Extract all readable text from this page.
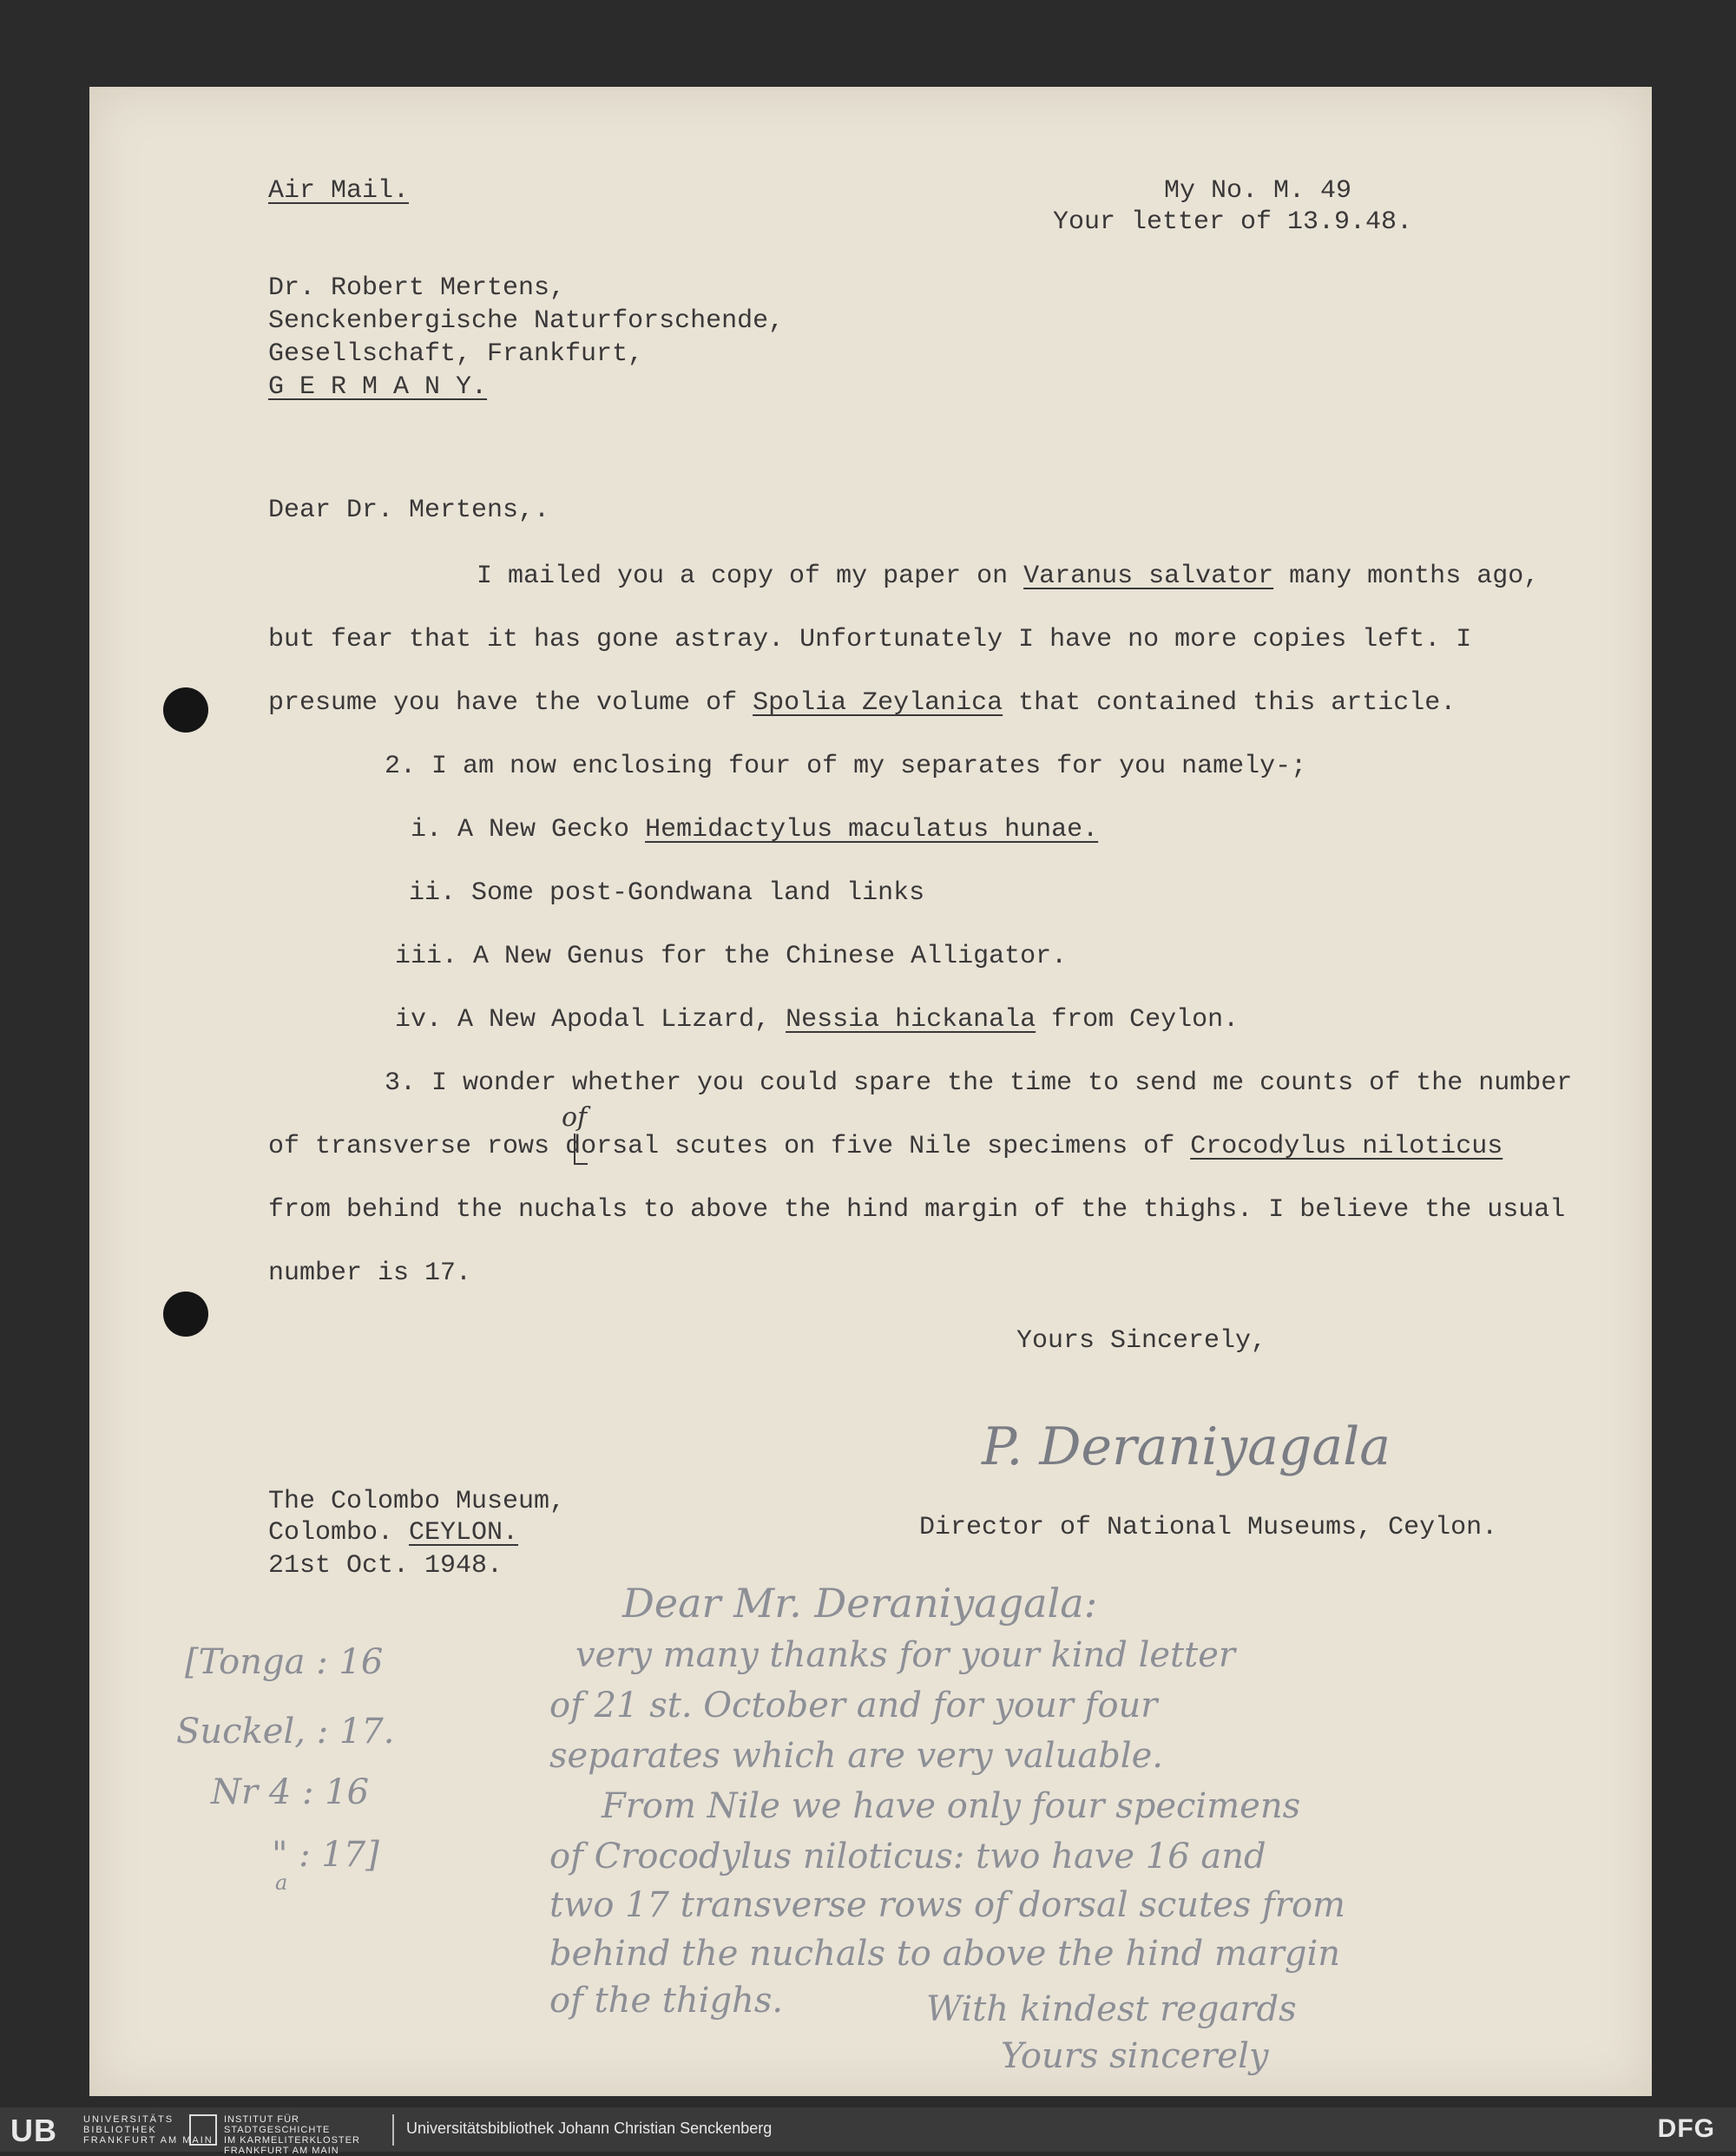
Air Mail.	My No. M. 49

Your letter of 13.9.48.

Dr. Robert Mertens,

Senckenbergische Naturforschende,

Gesellschaft, Frankfurt,

G E R M A N Y.

Dear Dr. Mertens,.

I mailed you a copy of my paper on Varanus salvator many months ago,

but fear that it has gone astray. Unfortunately I have no more copies left. I

presume you have the volume of Spolia Zeylanica that contained this article.

2. I am now enclosing four of my separates for you namely-;

i. A New Gecko Hemidactylus maculatus hunae.

ii. Some post-Gondwana land links

iii. A New Genus for the Chinese Alligator.

iv. A New Apodal Lizard, Nessia hickanala from Ceylon.

3. I wonder whether you could spare the time to send me counts of the number

of

of transverse rows dorsal scutes on five Nile specimens of Crocodylus niloticus

from behind the nuchals to above the hind margin of the thighs. I believe the usual

number is 17.

Yours Sincerely,

P. Deraniyagala

Director of National Museums, Ceylon.

The Colombo Museum,

Colombo. CEYLON.

21st Oct. 1948.

[Tonga : 16

Suckel, : 17.

Nr 4 : 16

" : 17]

a

Dear Mr. Deraniyagala:

very many thanks for your kind letter

of 21 st. October and for your four

separates which are very valuable.

From Nile we have only four specimens

of Crocodylus niloticus: two have 16 and

two 17 transverse rows of dorsal scutes from

behind the nuchals to above the hind margin

of the thighs.	With kindest regards

Yours sincerely

UB	UNIVERSITÄTS
BIBLIOTHEK
FRANKFURT AM MAIN
INSTITUT FÜR
STADTGESCHICHTE
IM KARMELITERKLOSTER
FRANKFURT AM MAIN
Universitätsbibliothek Johann Christian Senckenberg	DFG
